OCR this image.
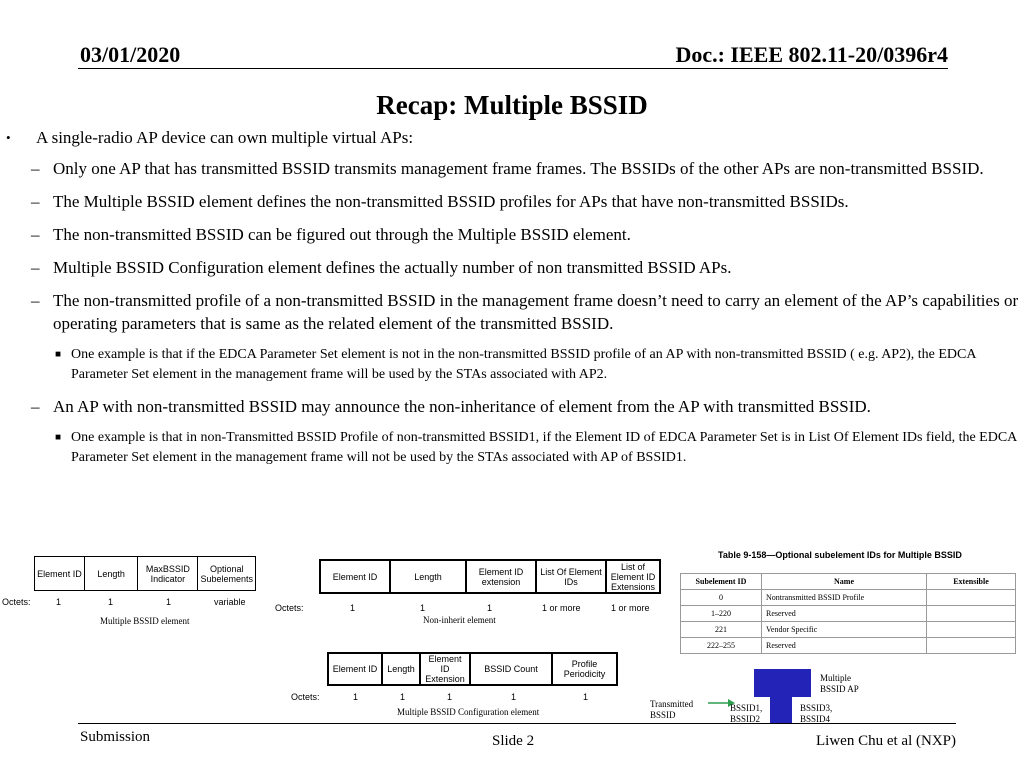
03/01/2020	Doc.: IEEE 802.11-20/0396r4
Recap: Multiple BSSID
• A single-radio AP device can own multiple virtual APs:
– Only one AP that has transmitted BSSID transmits management frame frames. The BSSIDs of the other APs are non-transmitted BSSID.
– The Multiple BSSID element defines the non-transmitted BSSID profiles for APs that have non-transmitted BSSIDs.
– The non-transmitted BSSID can be figured out through the Multiple BSSID element.
– Multiple BSSID Configuration element defines the actually number of non transmitted BSSID APs.
– The non-transmitted profile of a non-transmitted BSSID in the management frame doesn’t need to carry an element of the AP’s capabilities or operating parameters that is same as the related element of the transmitted BSSID.
■ One example is that if the EDCA Parameter Set element is not in the non-transmitted BSSID profile of an AP with non-transmitted BSSID ( e.g. AP2), the EDCA Parameter Set element in the management frame will be used by the STAs associated with AP2.
– An AP with non-transmitted BSSID may announce the non-inheritance of element from the AP with transmitted BSSID.
■ One example is that in non-Transmitted BSSID Profile of non-transmitted BSSID1, if the Element ID of EDCA Parameter Set is in List Of Element IDs field, the EDCA Parameter Set element in the management frame will not be used by the STAs associated with AP of BSSID1.
Element ID	Length	MaxBSSID Indicator	Optional Subelements
Octets:	1	1	1	variable
Multiple BSSID element
Element ID	Length	Element ID extension	List Of Element IDs	List of Element ID Extensions
Octets:	1	1	1	1 or more	1 or more
Non-inherit element
Element ID	Length	Element ID Extension	BSSID Count	Profile Periodicity
Octets:	1	1	1	1	1
Multiple BSSID Configuration element
Table 9-158—Optional subelement IDs for Multiple BSSID
Subelement ID	Name	Extensible
0	Nontransmitted BSSID Profile	
1–220	Reserved	
221	Vendor Specific	
222–255	Reserved	
Multiple BSSID AP
Transmitted BSSID
BSSID1, BSSID2
BSSID3, BSSID4
Submission	Slide 2	Liwen Chu et al (NXP)
